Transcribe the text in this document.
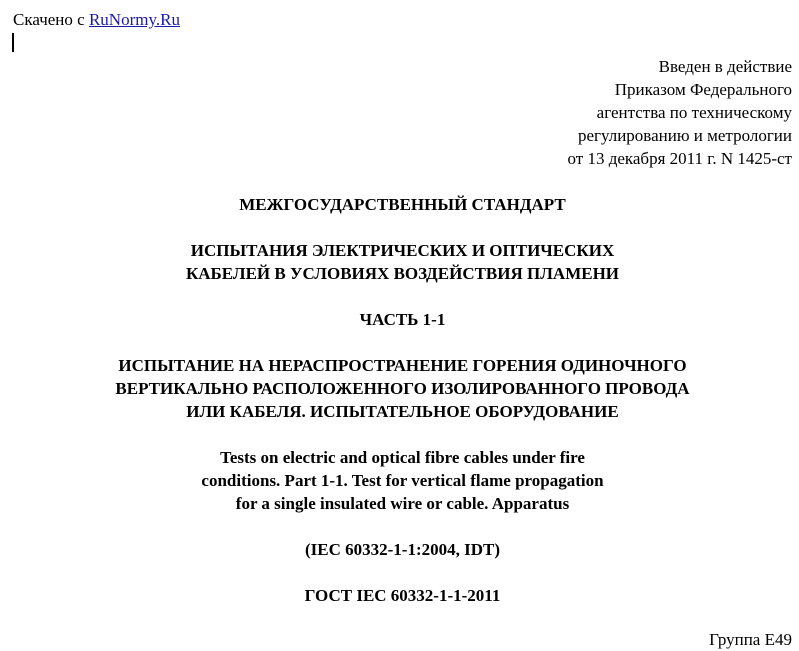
Скачено с RuNormy.Ru
Введен в действие
Приказом Федерального
агентства по техническому
регулированию и метрологии
от 13 декабря 2011 г. N 1425-ст
МЕЖГОСУДАРСТВЕННЫЙ СТАНДАРТ
ИСПЫТАНИЯ ЭЛЕКТРИЧЕСКИХ И ОПТИЧЕСКИХ
КАБЕЛЕЙ В УСЛОВИЯХ ВОЗДЕЙСТВИЯ ПЛАМЕНИ
ЧАСТЬ 1-1
ИСПЫТАНИЕ НА НЕРАСПРОСТРАНЕНИЕ ГОРЕНИЯ ОДИНОЧНОГО
ВЕРТИКАЛЬНО РАСПОЛОЖЕННОГО ИЗОЛИРОВАННОГО ПРОВОДА
ИЛИ КАБЕЛЯ. ИСПЫТАТЕЛЬНОЕ ОБОРУДОВАНИЕ
Tests on electric and optical fibre cables under fire
conditions. Part 1-1. Test for vertical flame propagation
for a single insulated wire or cable. Apparatus
(IEC 60332-1-1:2004, IDT)
ГОСТ IEC 60332-1-1-2011
Группа Е49
